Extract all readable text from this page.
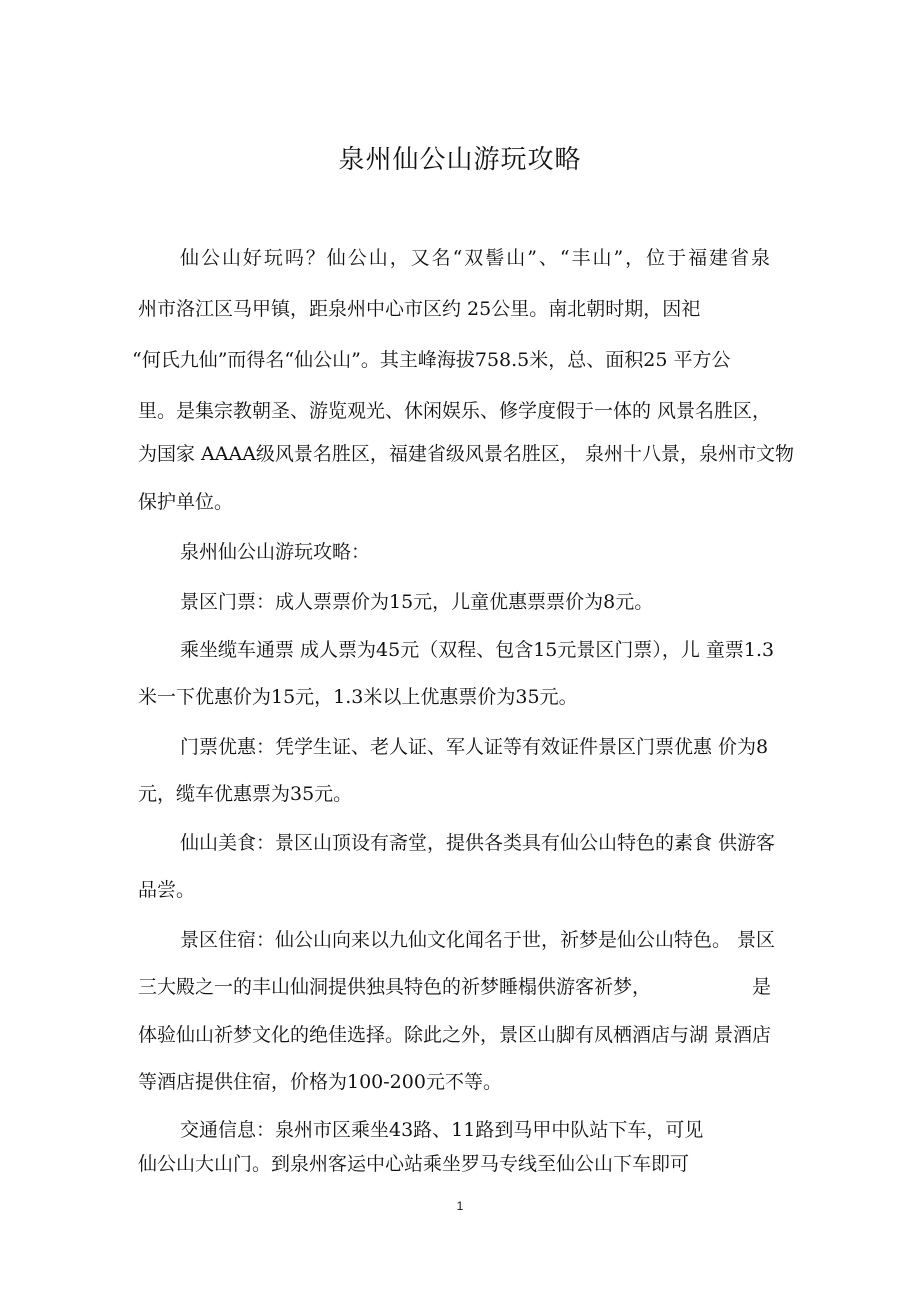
泉州仙公山游玩攻略

仙公山好玩吗？仙公山，又名“双髻山”、“丰山”，位于福建省泉

州市洛江区马甲镇，距泉州中心市区约 25公里。南北朝时期，因祀

“何氏九仙”而得名“仙公山”。其主峰海拔758.5米，总、面积25 平方公

里。是集宗教朝圣、游览观光、休闲娱乐、修学度假于一体的 风景名胜区，

为国家 AAAA级风景名胜区，福建省级风景名胜区， 泉州十八景，泉州市文物

保护单位。

泉州仙公山游玩攻略：

景区门票：成人票票价为15元，儿童优惠票票价为8元。

乘坐缆车通票 成人票为45元（双程、包含15元景区门票），儿 童票1.3

米一下优惠价为15元，1.3米以上优惠票价为35元。

门票优惠：凭学生证、老人证、军人证等有效证件景区门票优惠 价为8

元，缆车优惠票为35元。

仙山美食：景区山顶设有斋堂，提供各类具有仙公山特色的素食 供游客

品尝。

景区住宿：仙公山向来以九仙文化闻名于世，祈梦是仙公山特色。 景区

三大殿之一的丰山仙洞提供独具特色的祈梦睡榻供游客祈梦，	是

体验仙山祈梦文化的绝佳选择。除此之外，景区山脚有凤栖酒店与湖 景酒店

等酒店提供住宿，价格为100-200元不等。

交通信息：泉州市区乘坐43路、11路到马甲中队站下车，可见

仙公山大山门。到泉州客运中心站乘坐罗马专线至仙公山下车即可

1
